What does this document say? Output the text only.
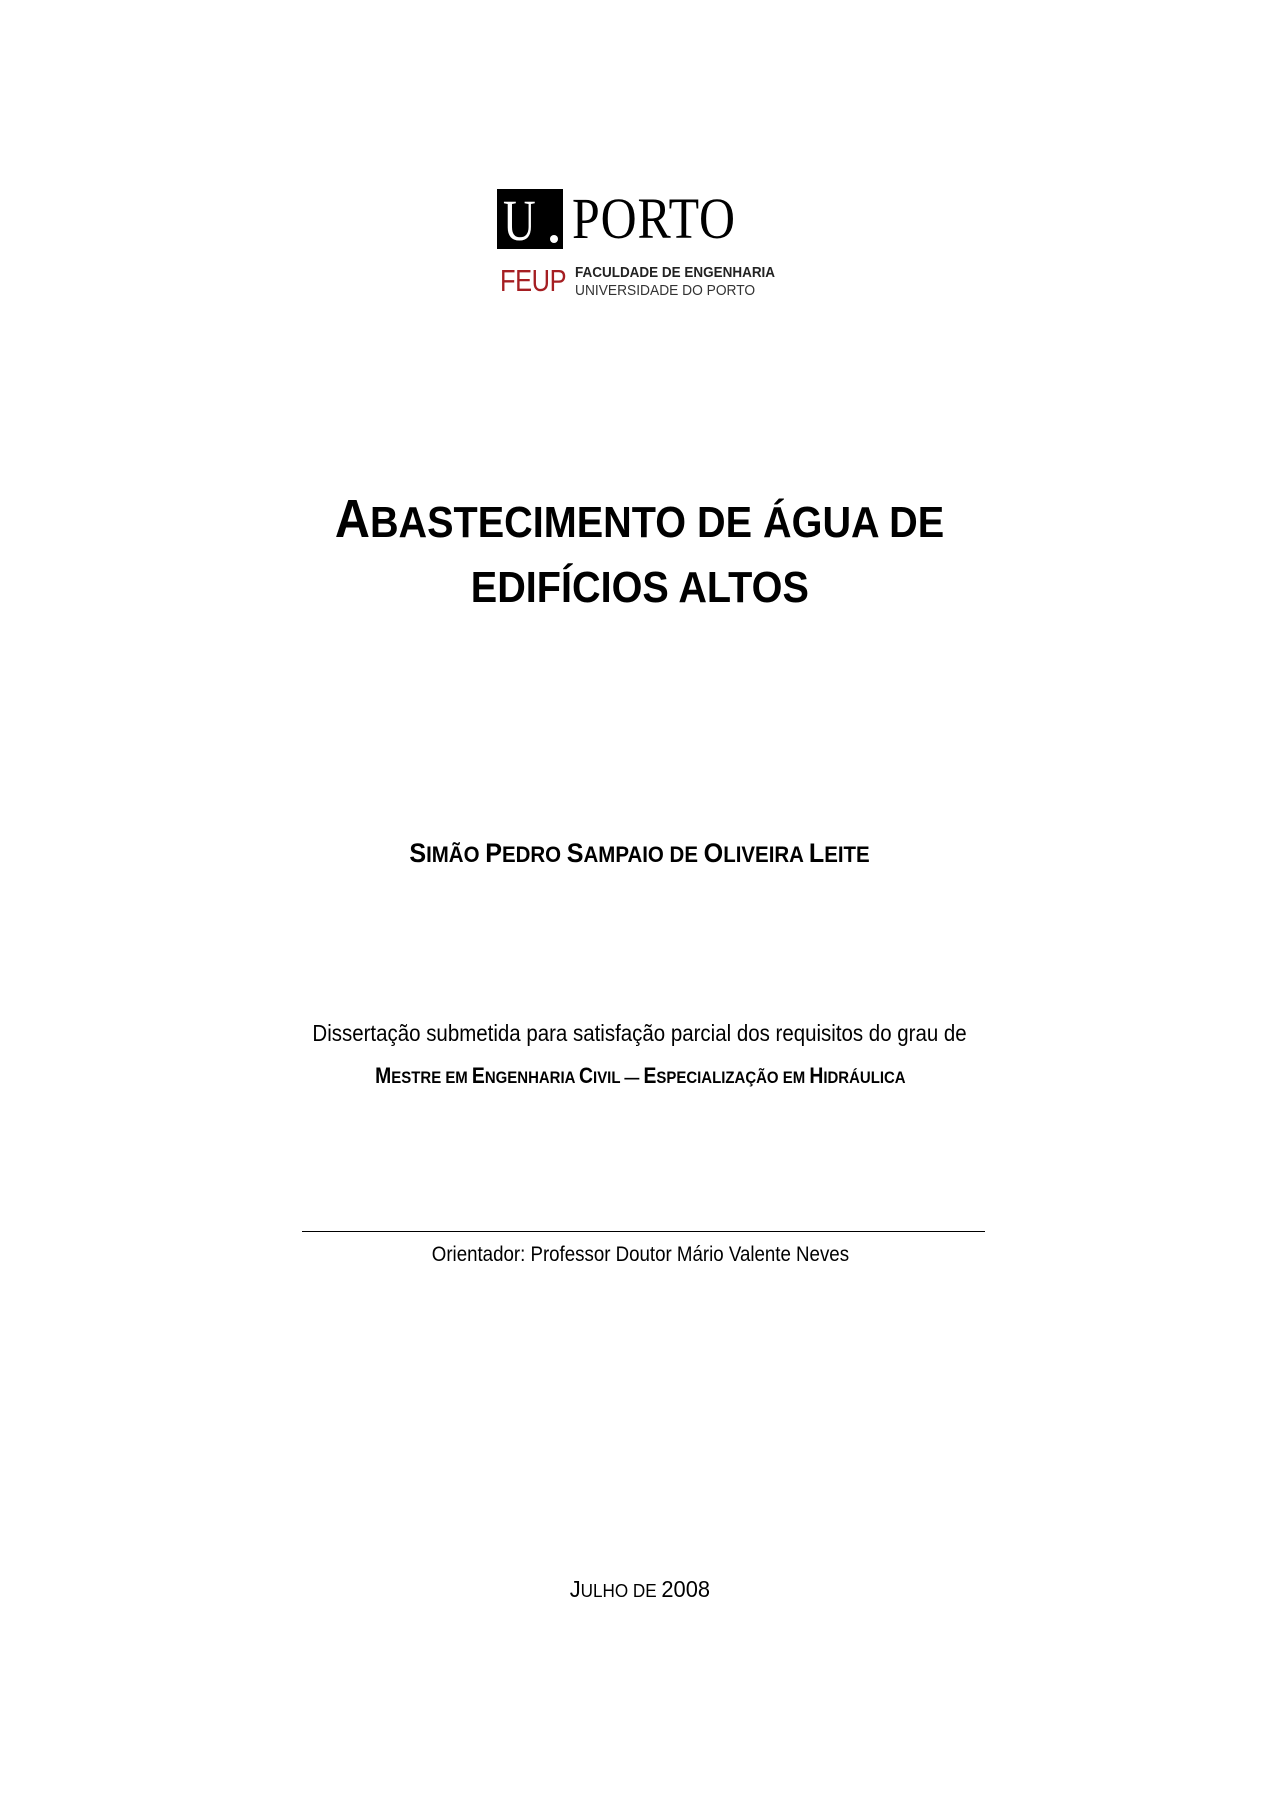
U PORTO
FEUP FACULDADE DE ENGENHARIA
UNIVERSIDADE DO PORTO
ABASTECIMENTO DE ÁGUA DE
EDIFÍCIOS ALTOS
SIMÃO PEDRO SAMPAIO DE OLIVEIRA LEITE
Dissertação submetida para satisfação parcial dos requisitos do grau de
MESTRE EM ENGENHARIA CIVIL — ESPECIALIZAÇÃO EM HIDRÁULICA
Orientador: Professor Doutor Mário Valente Neves
JULHO DE 2008
